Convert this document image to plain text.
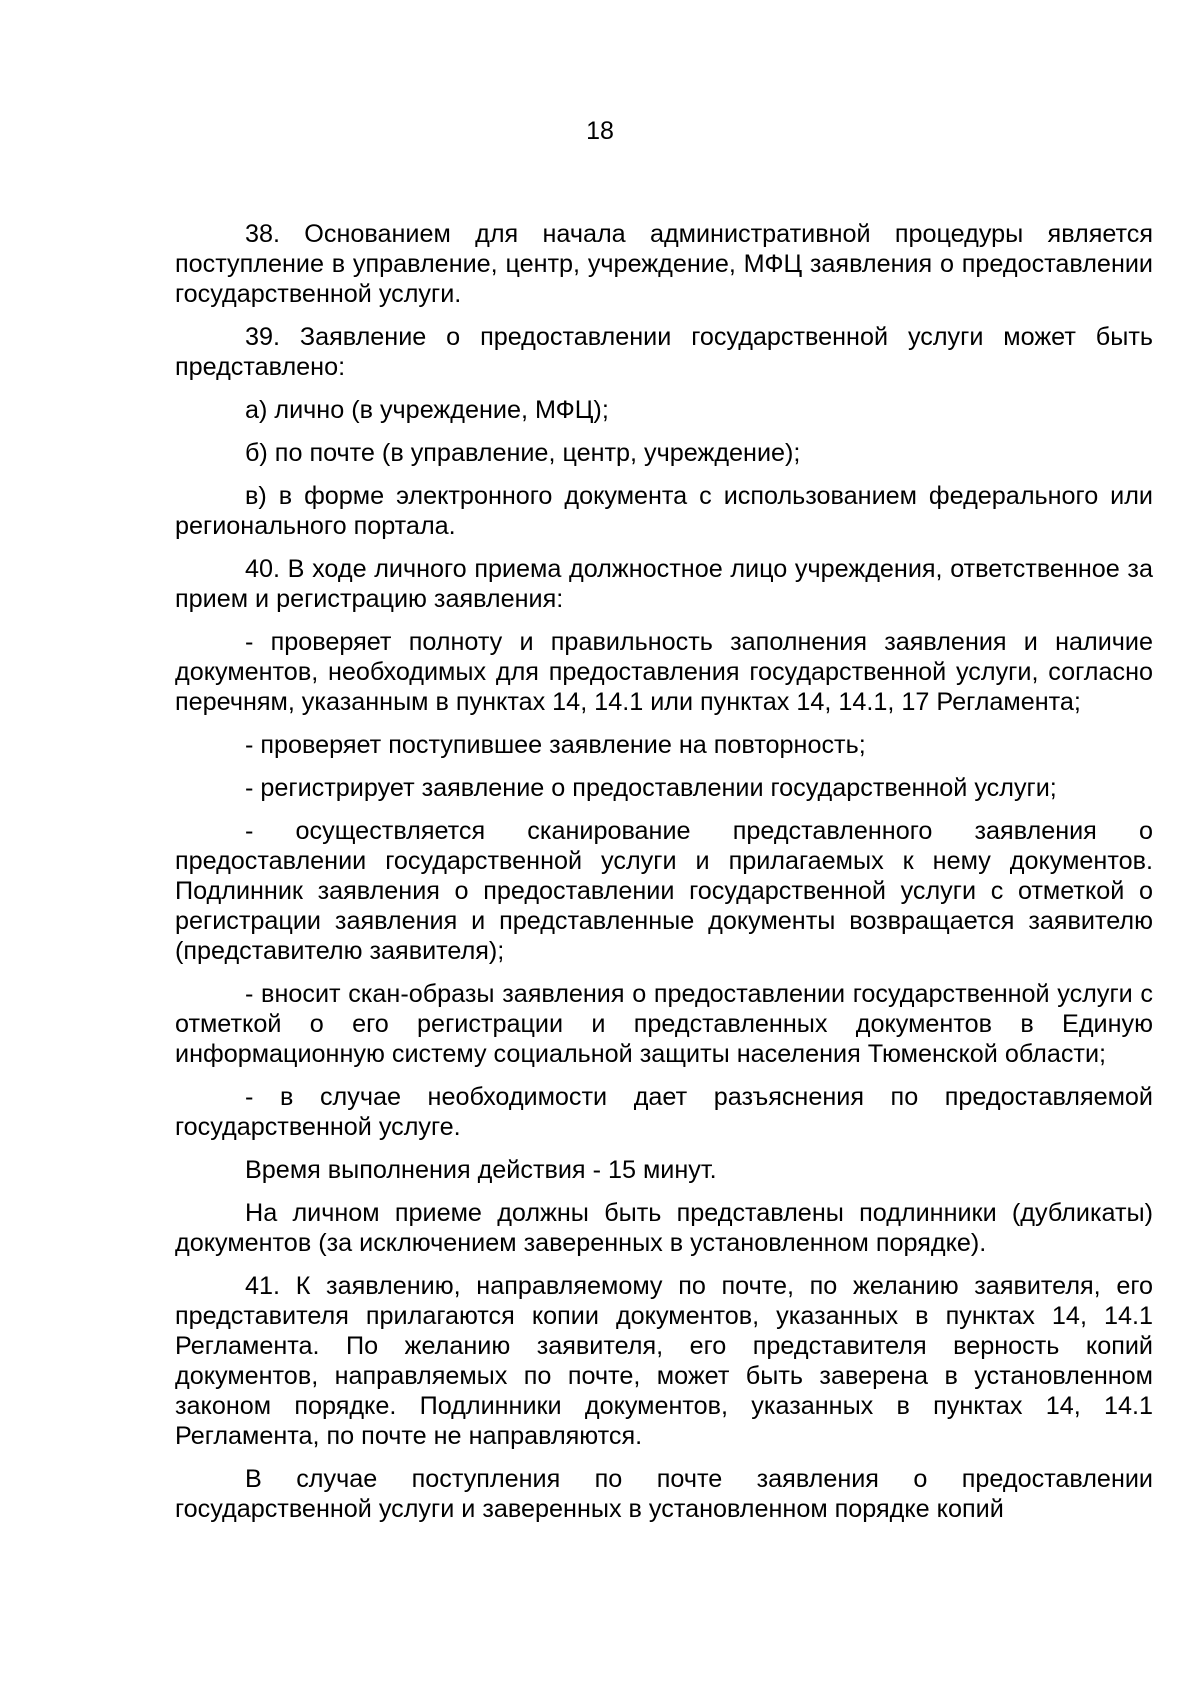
18

38. Основанием для начала административной процедуры является поступление в управление, центр, учреждение, МФЦ заявления о предоставлении государственной услуги.

39. Заявление о предоставлении государственной услуги может быть представлено:

а) лично (в учреждение, МФЦ);

б) по почте (в управление, центр, учреждение);

в) в форме электронного документа с использованием федерального или регионального портала.

40. В ходе личного приема должностное лицо учреждения, ответственное за прием и регистрацию заявления:

- проверяет полноту и правильность заполнения заявления и наличие документов, необходимых для предоставления государственной услуги, согласно перечням, указанным в пунктах 14, 14.1 или пунктах 14, 14.1, 17 Регламента;

- проверяет поступившее заявление на повторность;

- регистрирует заявление о предоставлении государственной услуги;

- осуществляется сканирование представленного заявления о предоставлении государственной услуги и прилагаемых к нему документов. Подлинник заявления о предоставлении государственной услуги с отметкой о регистрации заявления и представленные документы возвращается заявителю (представителю заявителя);

- вносит скан-образы заявления о предоставлении государственной услуги с отметкой о его регистрации и представленных документов в Единую информационную систему социальной защиты населения Тюменской области;

- в случае необходимости дает разъяснения по предоставляемой государственной услуге.

Время выполнения действия - 15 минут.

На личном приеме должны быть представлены подлинники (дубликаты) документов (за исключением заверенных в установленном порядке).

41. К заявлению, направляемому по почте, по желанию заявителя, его представителя прилагаются копии документов, указанных в пунктах 14, 14.1 Регламента. По желанию заявителя, его представителя верность копий документов, направляемых по почте, может быть заверена в установленном законом порядке. Подлинники документов, указанных в пунктах 14, 14.1 Регламента, по почте не направляются.

В случае поступления по почте заявления о предоставлении государственной услуги и заверенных в установленном порядке копий
